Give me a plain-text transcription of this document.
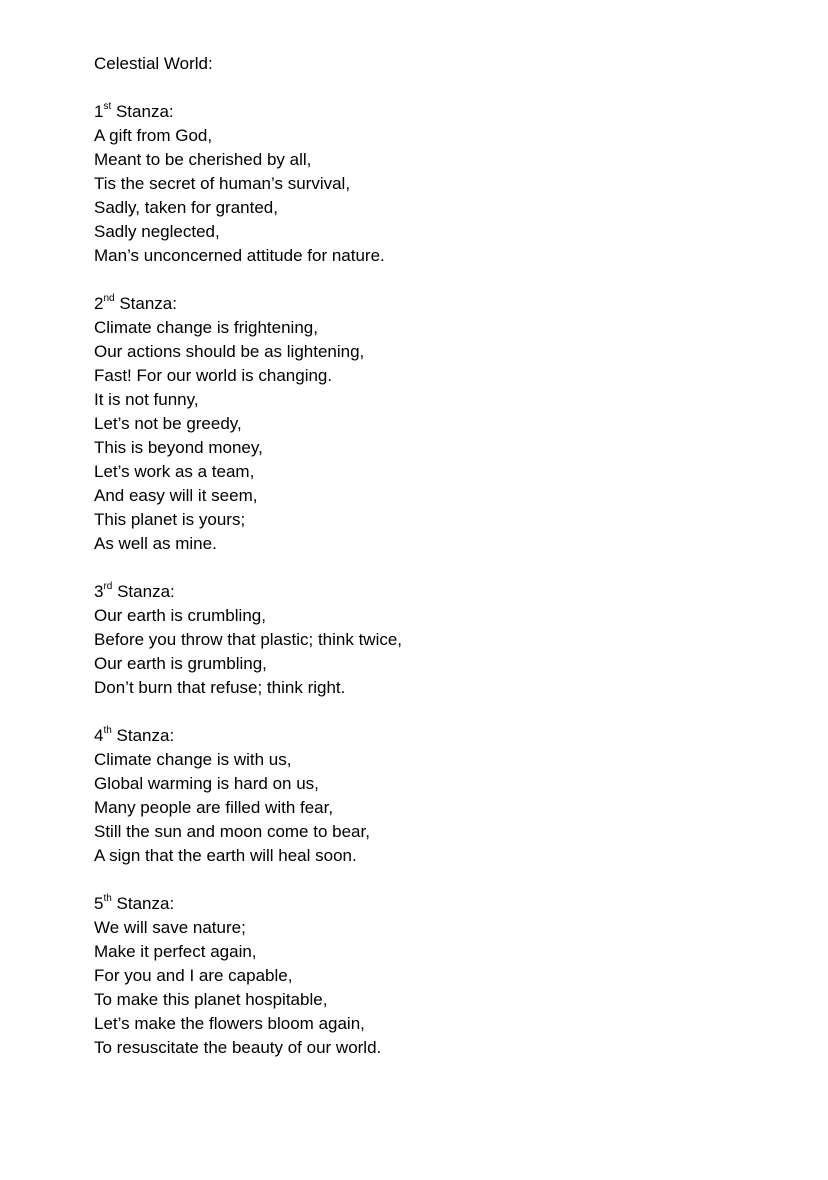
Celestial World:

1st Stanza:

A gift from God,

Meant to be cherished by all,

Tis the secret of human’s survival,

Sadly, taken for granted,

Sadly neglected,

Man’s unconcerned attitude for nature.

2nd Stanza:

Climate change is frightening,

Our actions should be as lightening,

Fast! For our world is changing.

It is not funny,

Let’s not be greedy,

This is beyond money,

Let’s work as a team,

And easy will it seem,

This planet is yours;

As well as mine.

3rd Stanza:

Our earth is crumbling,

Before you throw that plastic; think twice,

Our earth is grumbling,

Don’t burn that refuse; think right.

4th Stanza:

Climate change is with us,

Global warming is hard on us,

Many people are filled with fear,

Still the sun and moon come to bear,

A sign that the earth will heal soon.

5th Stanza:

We will save nature;

Make it perfect again,

For you and I are capable,

To make this planet hospitable,

Let’s make the flowers bloom again,

To resuscitate the beauty of our world.
